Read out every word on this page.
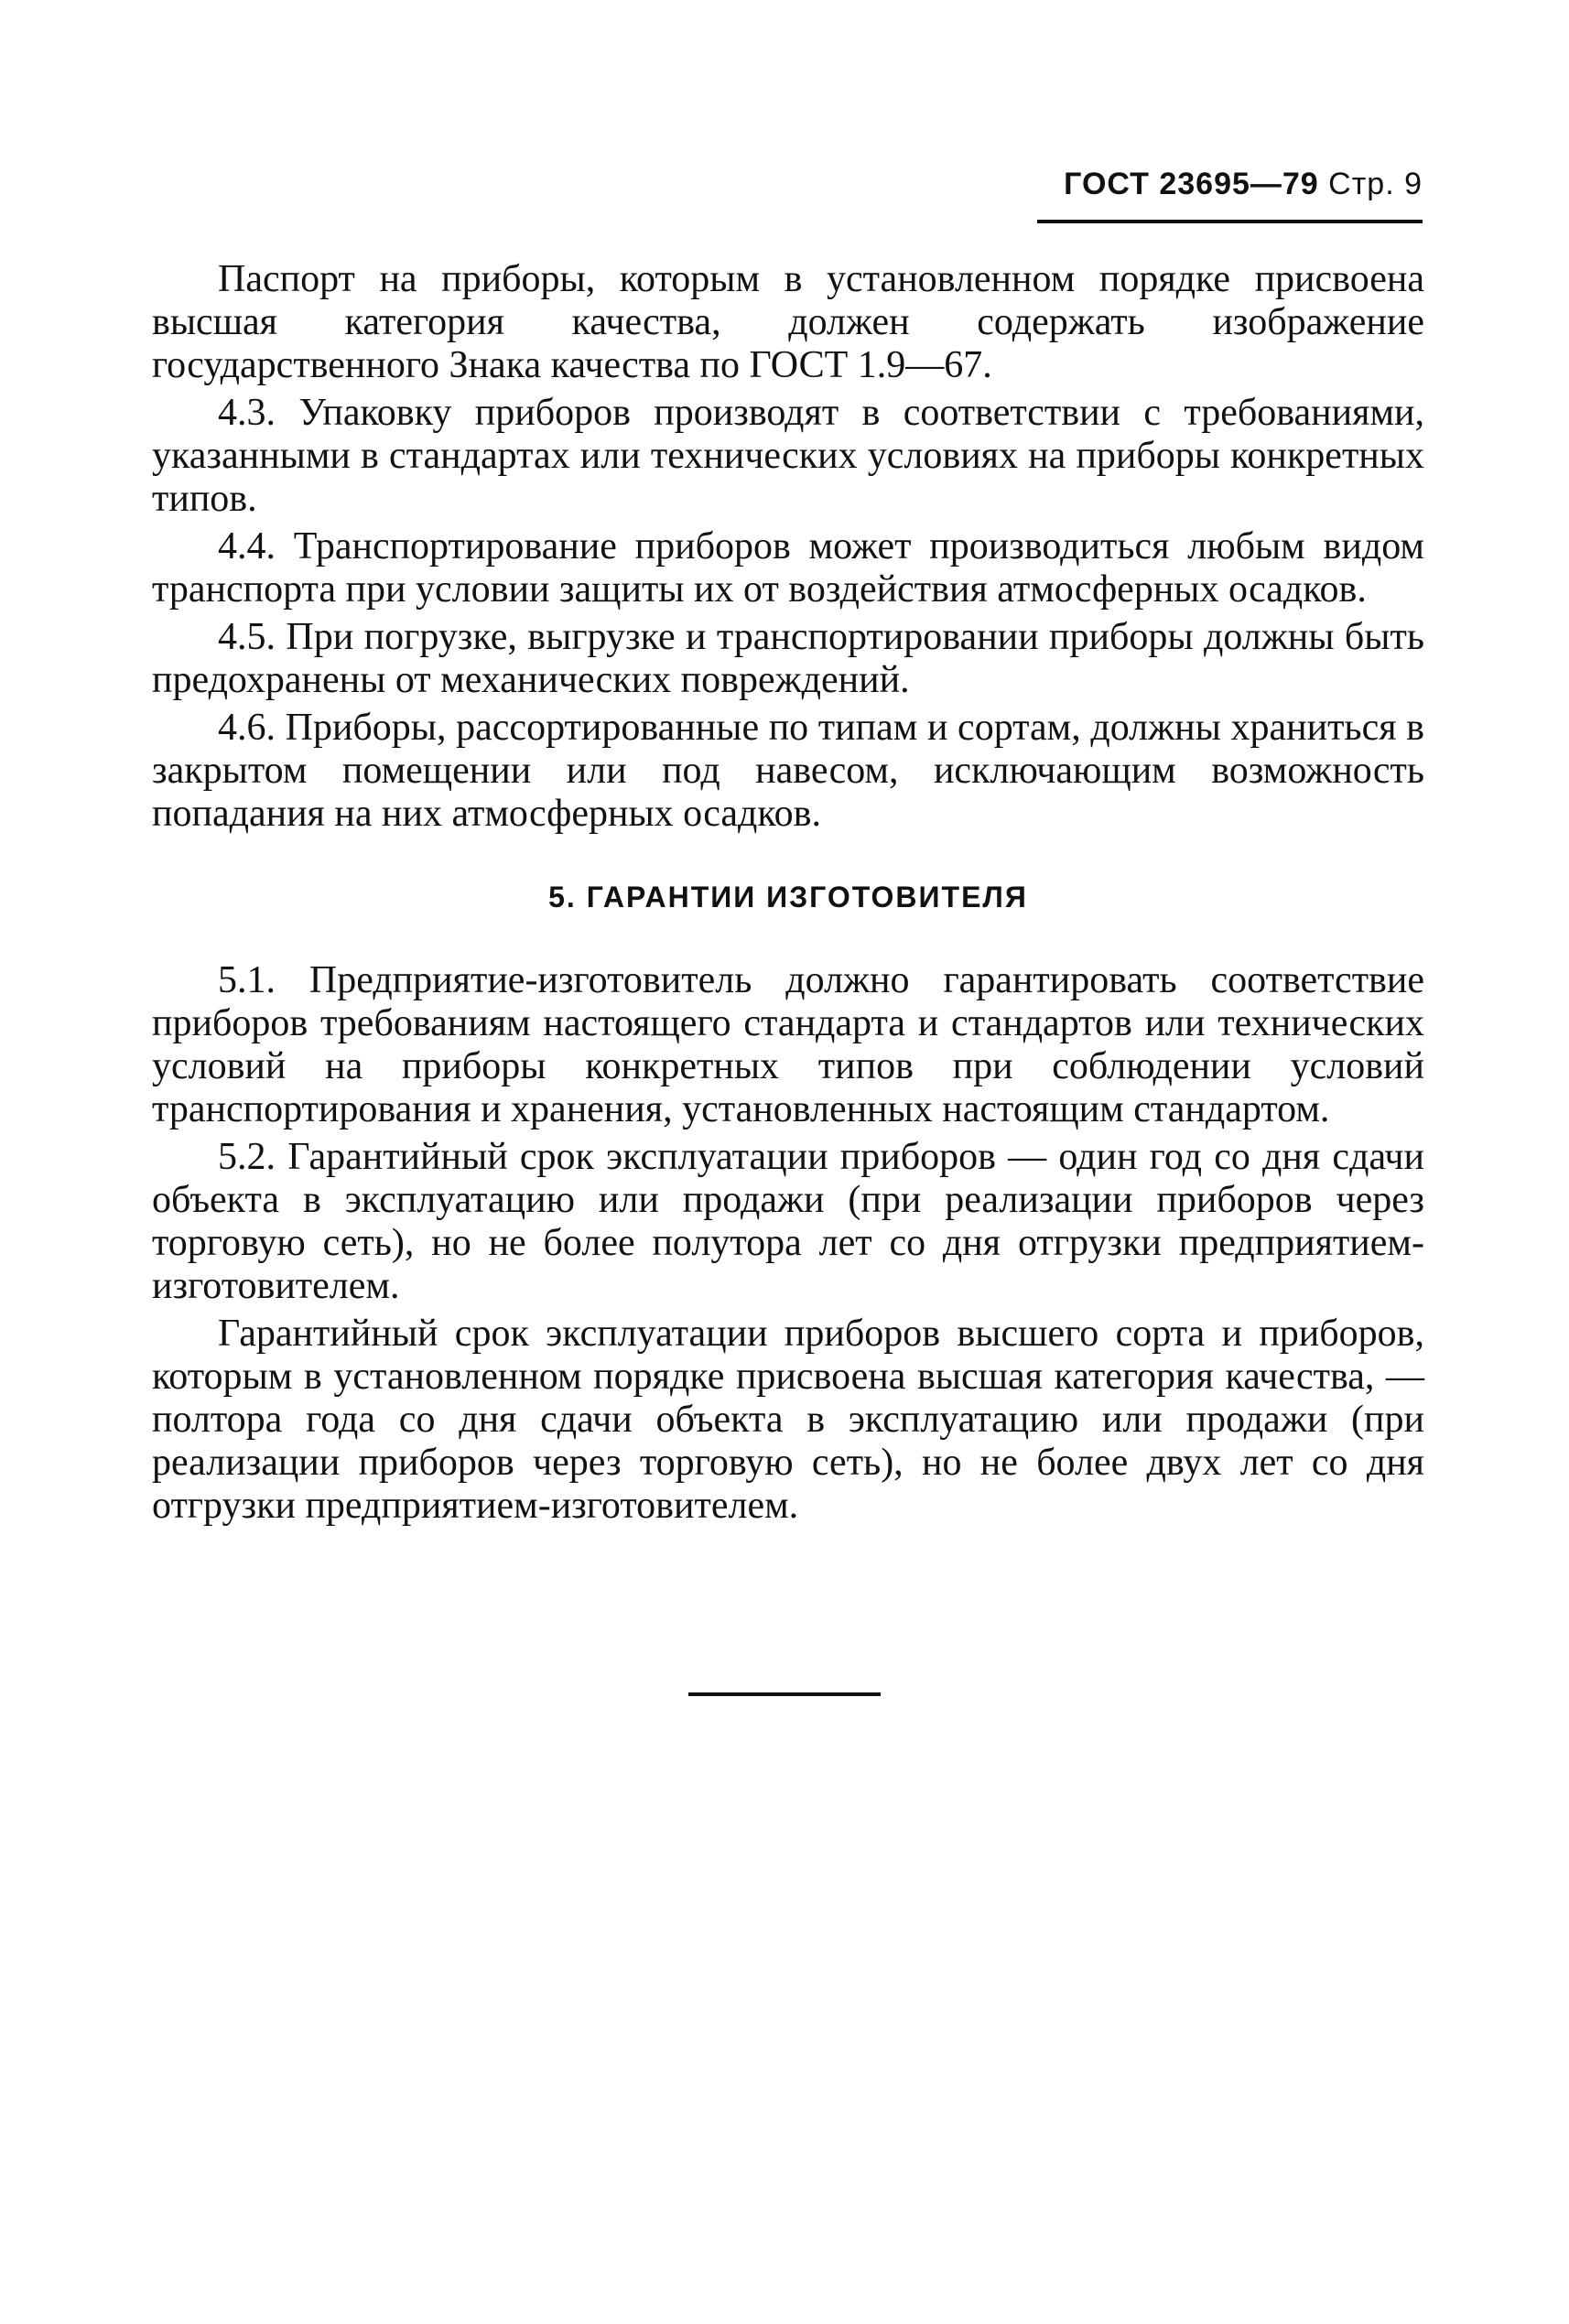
ГОСТ 23695—79 Стр. 9

Паспорт на приборы, которым в установленном порядке присвоена высшая категория качества, должен содержать изображение государственного Знака качества по ГОСТ 1.9—67.

4.3. Упаковку приборов производят в соответствии с требованиями, указанными в стандартах или технических условиях на приборы конкретных типов.

4.4. Транспортирование приборов может производиться любым видом транспорта при условии защиты их от воздействия атмосферных осадков.

4.5. При погрузке, выгрузке и транспортировании приборы должны быть предохранены от механических повреждений.

4.6. Приборы, рассортированные по типам и сортам, должны храниться в закрытом помещении или под навесом, исключающим возможность попадания на них атмосферных осадков.

5. ГАРАНТИИ ИЗГОТОВИТЕЛЯ

5.1. Предприятие-изготовитель должно гарантировать соответствие приборов требованиям настоящего стандарта и стандартов или технических условий на приборы конкретных типов при соблюдении условий транспортирования и хранения, установленных настоящим стандартом.

5.2. Гарантийный срок эксплуатации приборов — один год со дня сдачи объекта в эксплуатацию или продажи (при реализации приборов через торговую сеть), но не более полутора лет со дня отгрузки предприятием-изготовителем.

Гарантийный срок эксплуатации приборов высшего сорта и приборов, которым в установленном порядке присвоена высшая категория качества, — полтора года со дня сдачи объекта в эксплуатацию или продажи (при реализации приборов через торговую сеть), но не более двух лет со дня отгрузки предприятием-изготовителем.
